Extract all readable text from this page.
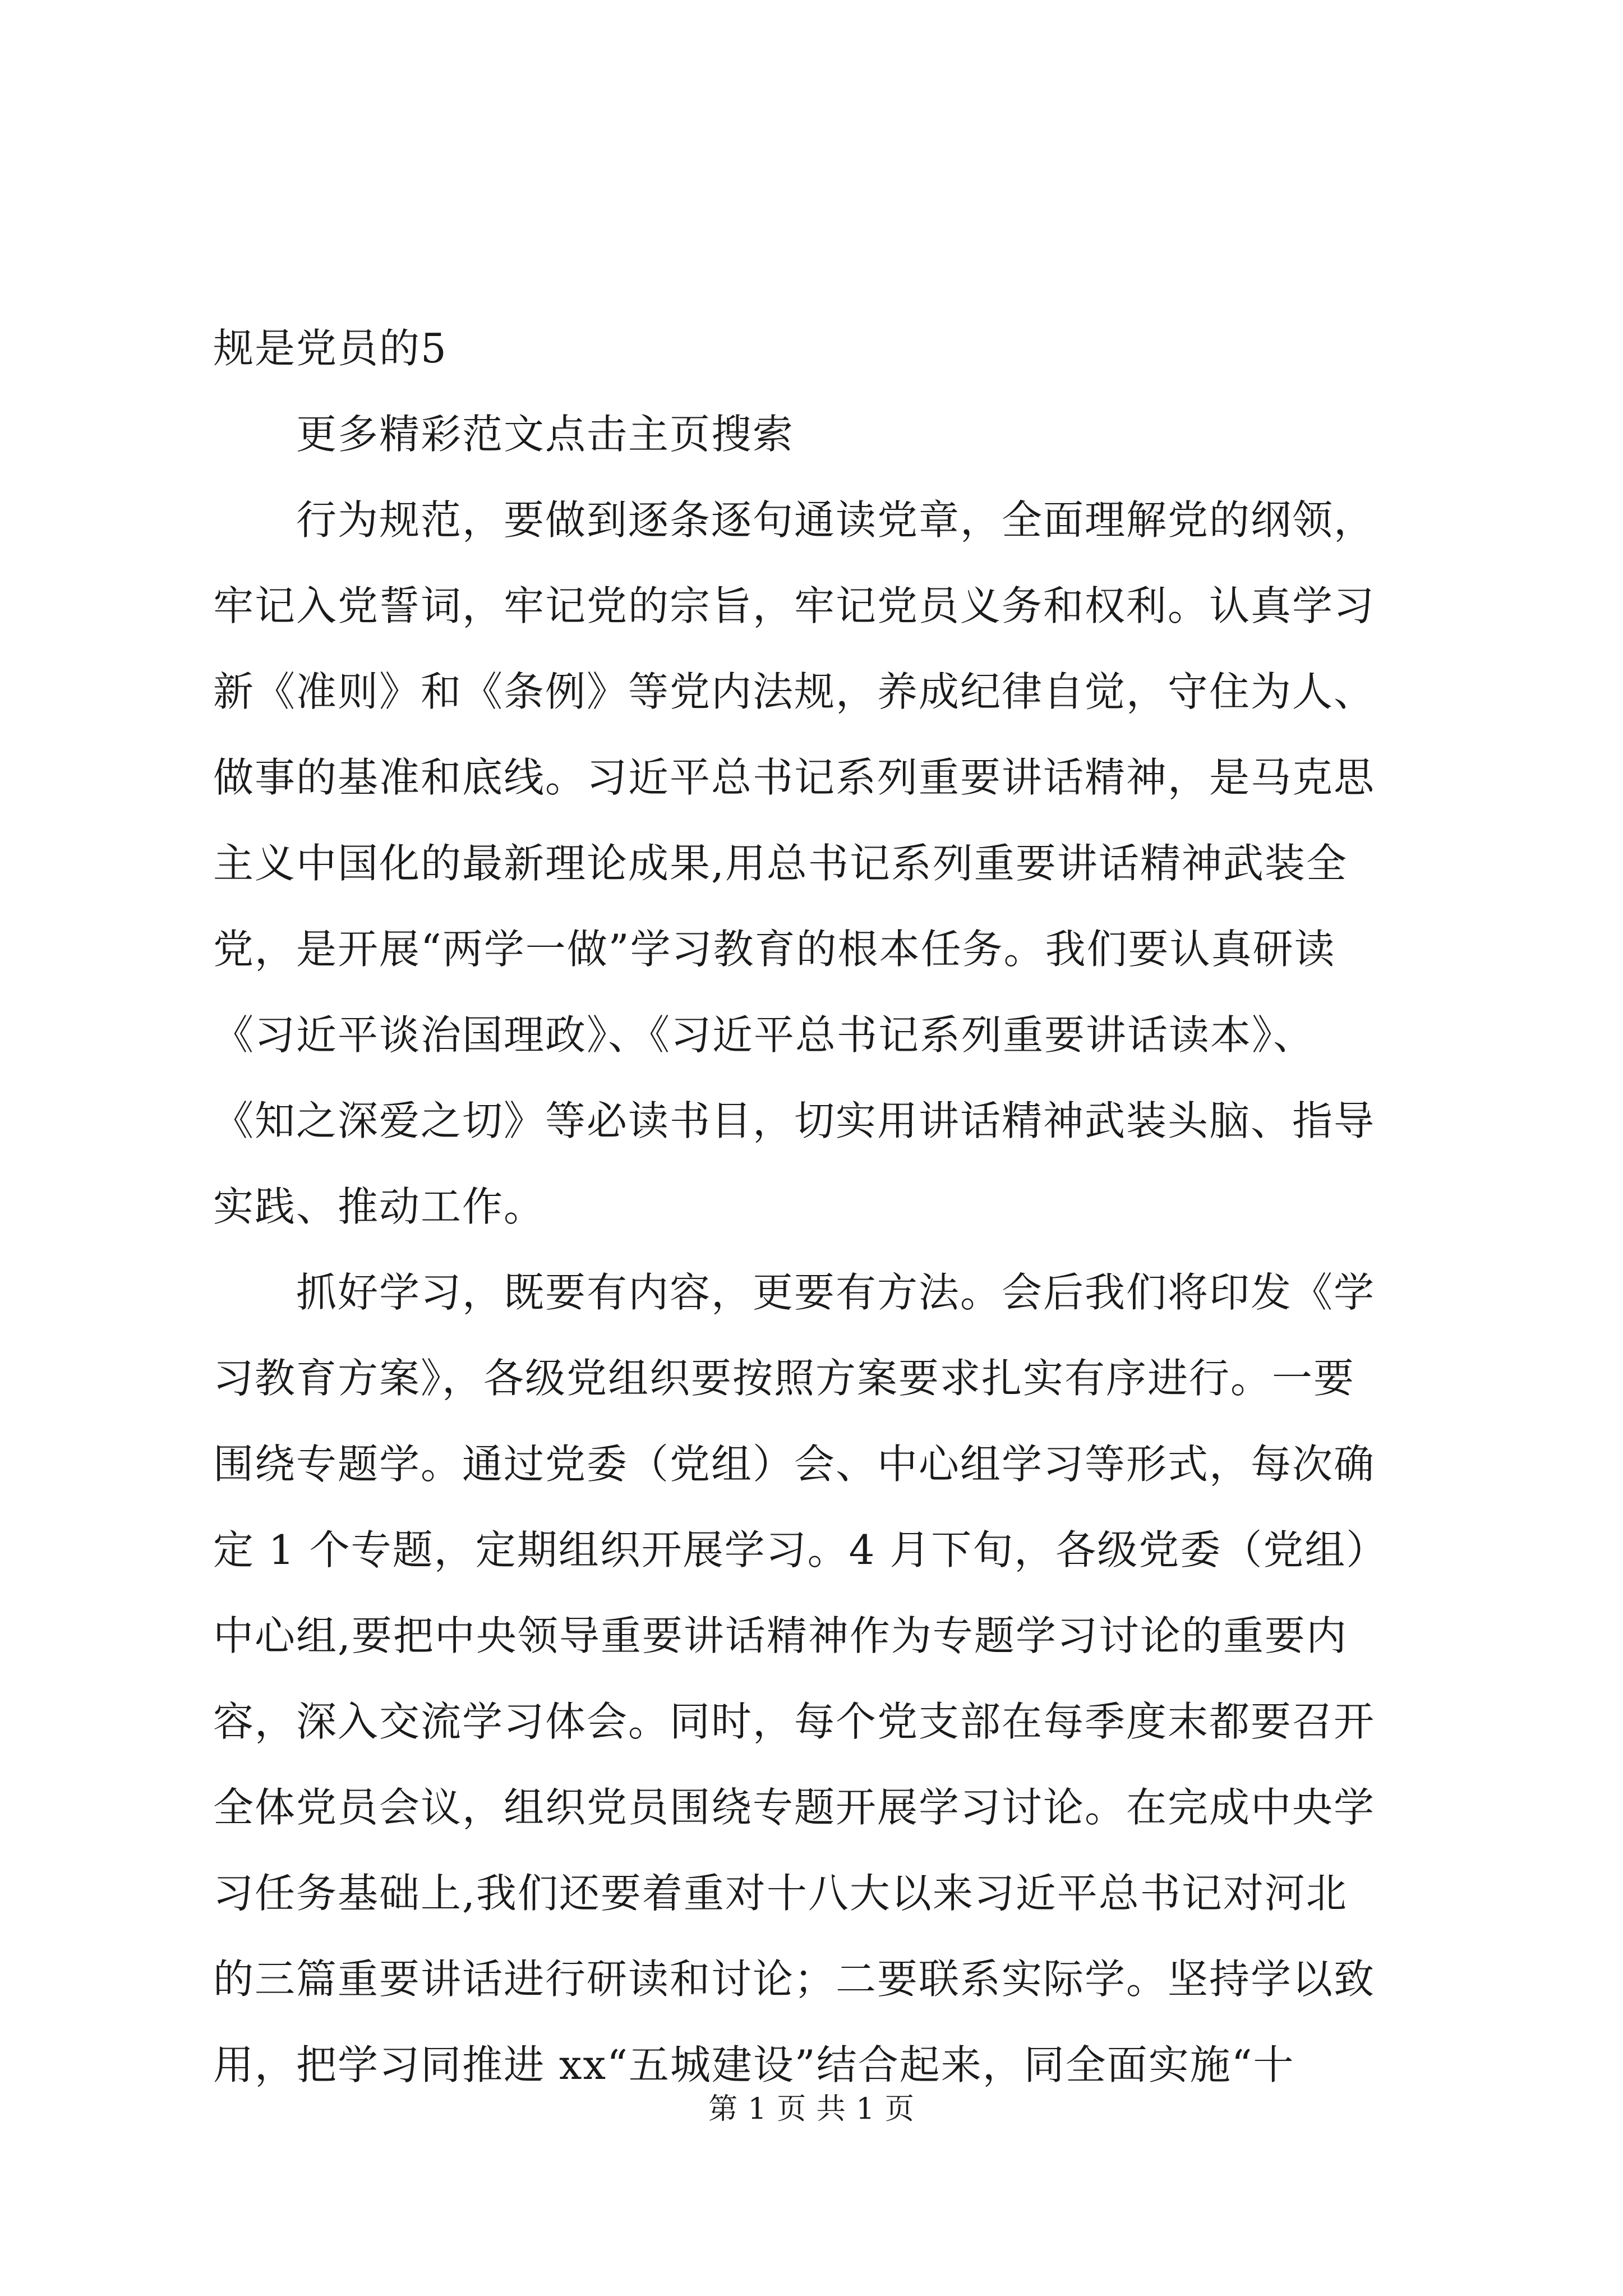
规是党员的5
　　更多精彩范文点击主页搜索
　　行为规范，要做到逐条逐句通读党章，全面理解党的纲领，
牢记入党誓词，牢记党的宗旨，牢记党员义务和权利。认真学习
新《准则》和《条例》等党内法规，养成纪律自觉，守住为人、
做事的基准和底线。习近平总书记系列重要讲话精神，是马克思
主义中国化的最新理论成果,用总书记系列重要讲话精神武装全
党，是开展“两学一做”学习教育的根本任务。我们要认真研读
《习近平谈治国理政》、《习近平总书记系列重要讲话读本》、
《知之深爱之切》等必读书目，切实用讲话精神武装头脑、指导
实践、推动工作。
　　抓好学习，既要有内容，更要有方法。会后我们将印发《学
习教育方案》，各级党组织要按照方案要求扎实有序进行。一要
围绕专题学。通过党委（党组）会、中心组学习等形式，每次确
定 1 个专题，定期组织开展学习。4 月下旬，各级党委（党组）
中心组,要把中央领导重要讲话精神作为专题学习讨论的重要内
容，深入交流学习体会。同时，每个党支部在每季度末都要召开
全体党员会议，组织党员围绕专题开展学习讨论。在完成中央学
习任务基础上,我们还要着重对十八大以来习近平总书记对河北
的三篇重要讲话进行研读和讨论；二要联系实际学。坚持学以致
用，把学习同推进 xx“五城建设”结合起来，同全面实施“十
第 1 页 共 1 页
